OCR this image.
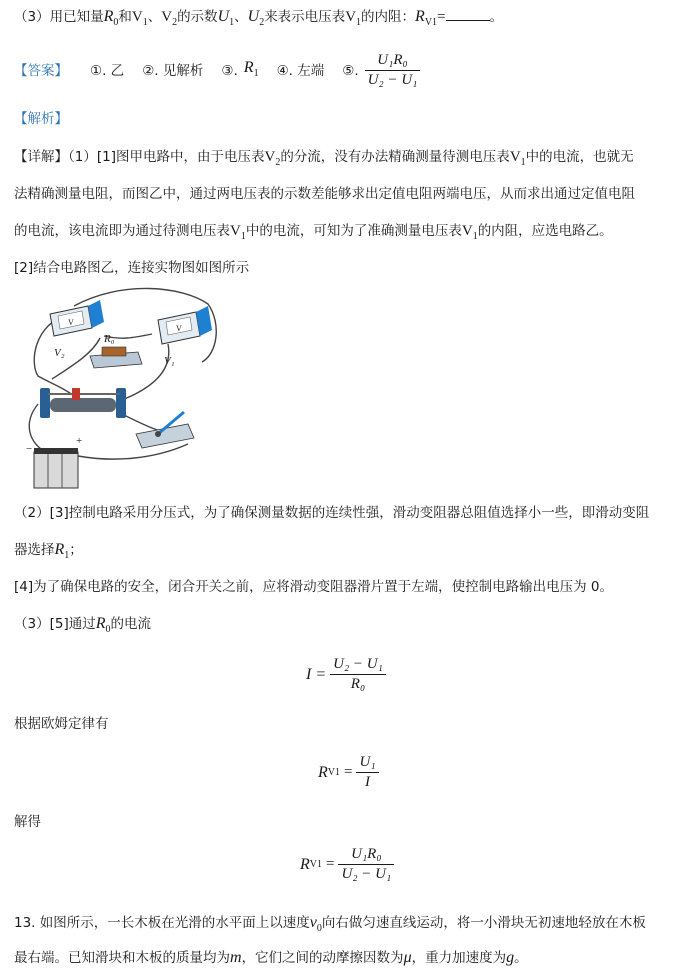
（3）用已知量$R_0$和$V_1$、$V_2$的示数$U_1$、$U_2$来表示电压表$V_1$的内阻：$R_{V1}=$	。
【答案】 ①. 乙 ②. 见解析 ③. $R_1$ ④. 左端 ⑤. $\frac{\text{U₁R₀}}{\text{U₂ − U₁}}$
【解析】
【详解】（1）[1]图甲电路中，由于电压表$V_2$的分流，没有办法精确测量待测电压表$V_1$中的电流，也就无
法精确测量电阻，而图乙中，通过两电压表的示数差能够求出定值电阻两端电压，从而求出通过定值电阻
的电流，该电流即为通过待测电压表$V_1$中的电流，可知为了准确测量电压表$V_1$的内阻，应选电路乙。
[2]结合电路图乙，连接实物图如图所示
V
V₂
R₀
V
V₁
−
+
（2）[3]控制电路采用分压式，为了确保测量数据的连续性强，滑动变阻器总阻值选择小一些，即滑动变阻
器选择$R_1$；
[4]为了确保电路的安全，闭合开关之前，应将滑动变阻器滑片置于左端，使控制电路输出电压为 0。
（3）[5]通过$R_0$的电流
$I = \frac{\text{U₂ − U₁}}{\text{R₀}}$
根据欧姆定律有
R $V1 = \frac{\text{U₁}}{I}$
解得
R $V1 = \frac{\text{U₁R₀}}{\text{U₂ − U₁}}$
13. 如图所示，一长木板在光滑的水平面上以速度$v_0$向右做匀速直线运动，将一小滑块无初速地轻放在木板
最右端。已知滑块和木板的质量均为m，它们之间的动摩擦因数为μ，重力加速度为g。
